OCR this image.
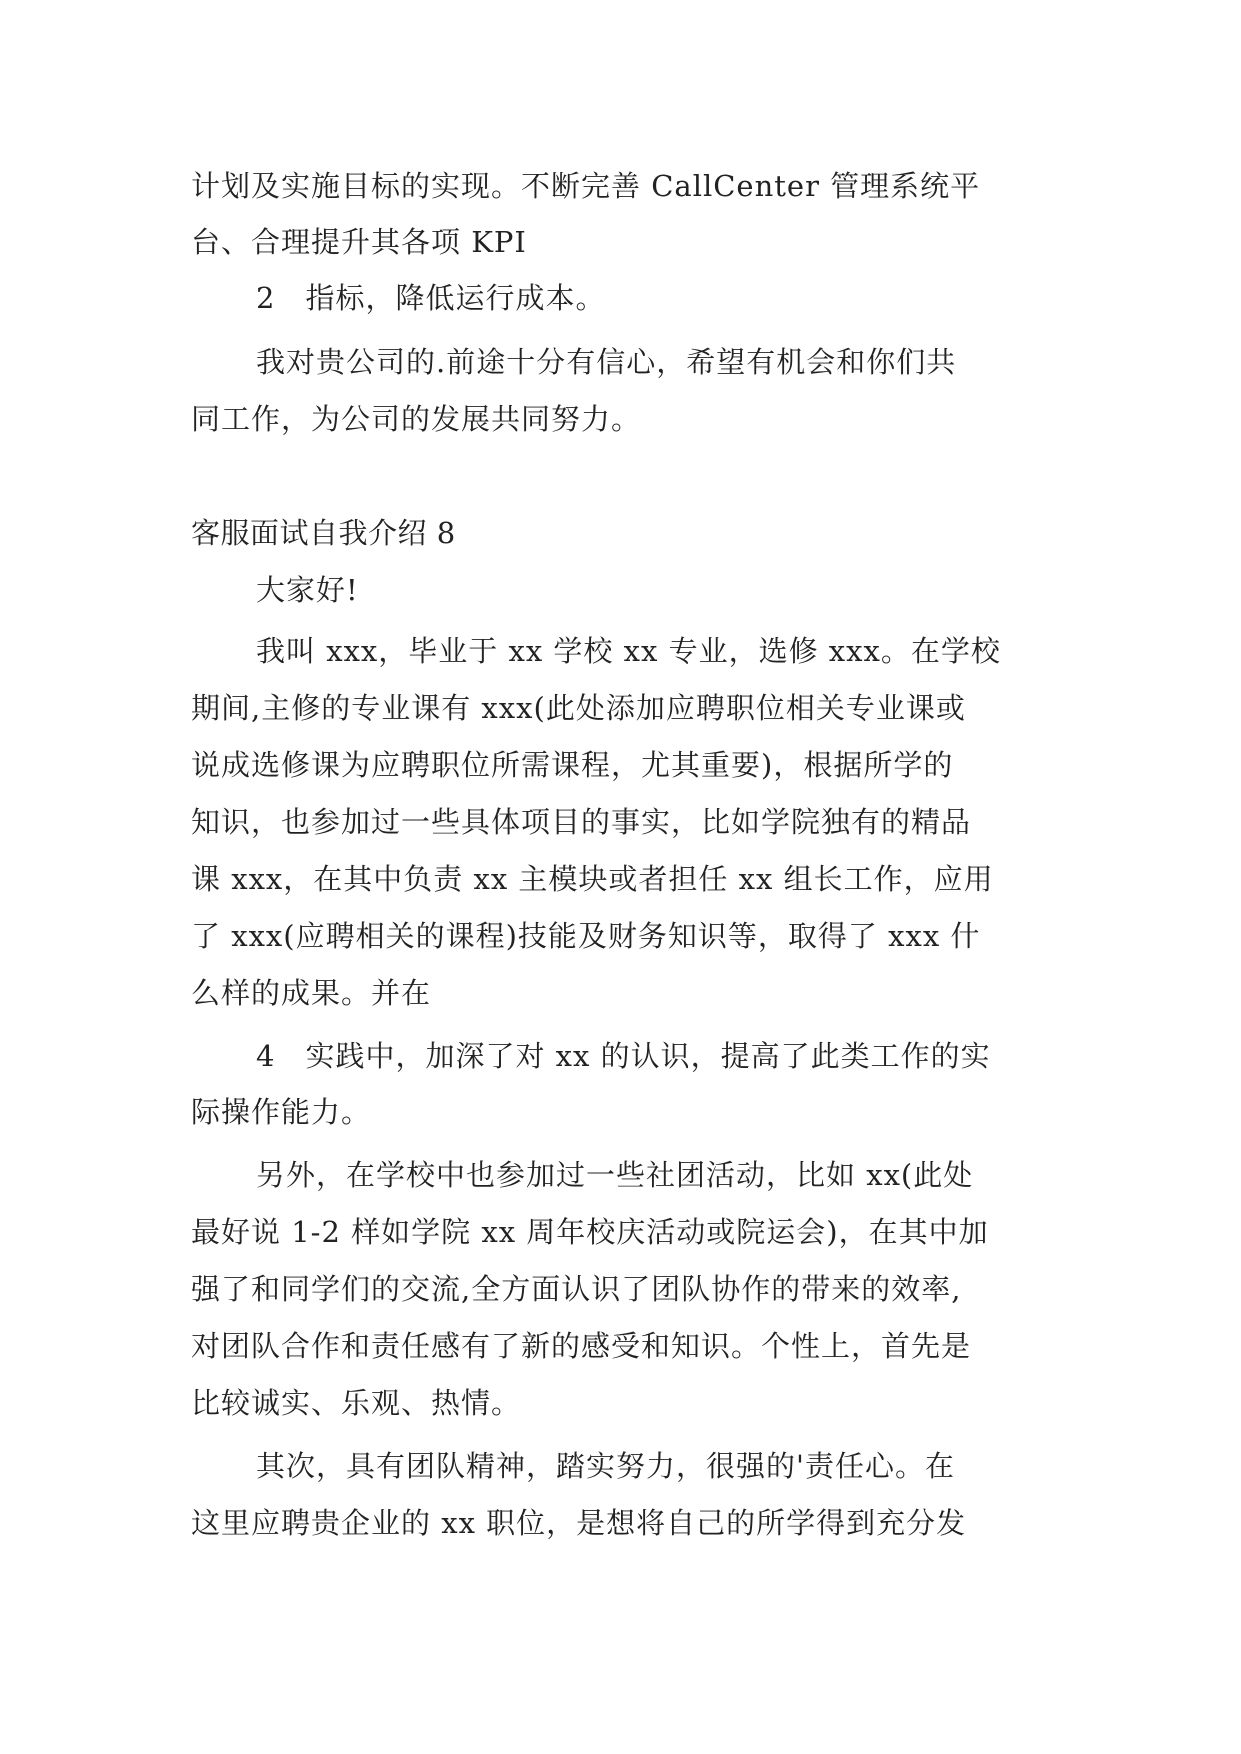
计划及实施目标的实现。不断完善 CallCenter 管理系统平

台、合理提升其各项 KPI

2　指标，降低运行成本。

我对贵公司的.前途十分有信心，希望有机会和你们共

同工作，为公司的发展共同努力。

客服面试自我介绍 8

大家好!

我叫 xxx，毕业于 xx 学校 xx 专业，选修 xxx。在学校

期间,主修的专业课有 xxx(此处添加应聘职位相关专业课或

说成选修课为应聘职位所需课程，尤其重要)，根据所学的

知识，也参加过一些具体项目的事实，比如学院独有的精品

课 xxx，在其中负责 xx 主模块或者担任 xx 组长工作，应用

了 xxx(应聘相关的课程)技能及财务知识等，取得了 xxx 什

么样的成果。并在

4　实践中，加深了对 xx 的认识，提高了此类工作的实

际操作能力。

另外，在学校中也参加过一些社团活动，比如 xx(此处

最好说 1-2 样如学院 xx 周年校庆活动或院运会)，在其中加

强了和同学们的交流,全方面认识了团队协作的带来的效率,

对团队合作和责任感有了新的感受和知识。个性上，首先是

比较诚实、乐观、热情。

其次，具有团队精神，踏实努力，很强的'责任心。在

这里应聘贵企业的 xx 职位，是想将自己的所学得到充分发
